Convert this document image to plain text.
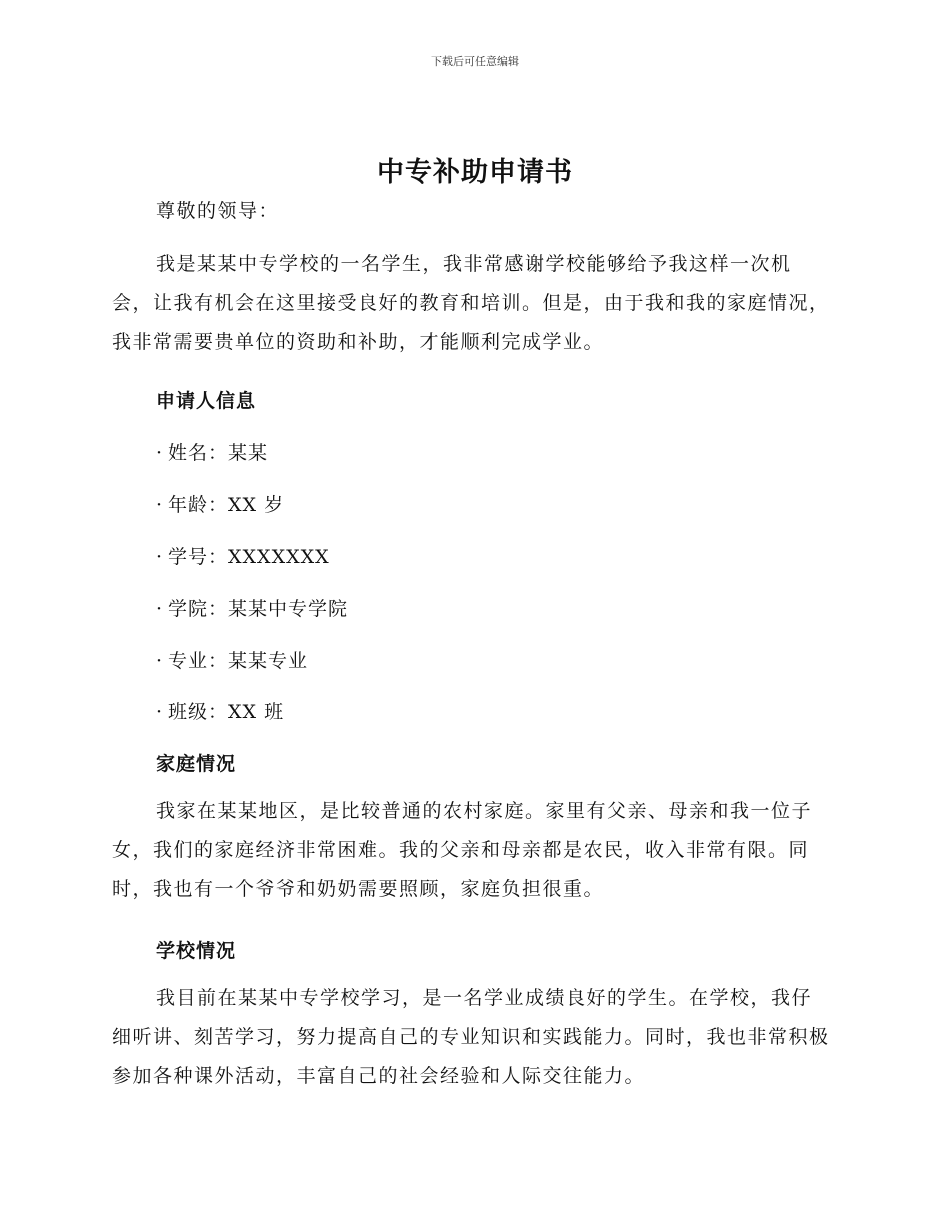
下载后可任意编辑
中专补助申请书
尊敬的领导：
我是某某中专学校的一名学生，我非常感谢学校能够给予我这样一次机会，让我有机会在这里接受良好的教育和培训。但是，由于我和我的家庭情况，我非常需要贵单位的资助和补助，才能顺利完成学业。
申请人信息
· 姓名：某某
· 年龄：XX 岁
· 学号：XXXXXXX
· 学院：某某中专学院
· 专业：某某专业
· 班级：XX 班
家庭情况
我家在某某地区，是比较普通的农村家庭。家里有父亲、母亲和我一位子女，我们的家庭经济非常困难。我的父亲和母亲都是农民，收入非常有限。同时，我也有一个爷爷和奶奶需要照顾，家庭负担很重。
学校情况
我目前在某某中专学校学习，是一名学业成绩良好的学生。在学校，我仔细听讲、刻苦学习，努力提高自己的专业知识和实践能力。同时，我也非常积极参加各种课外活动，丰富自己的社会经验和人际交往能力。
